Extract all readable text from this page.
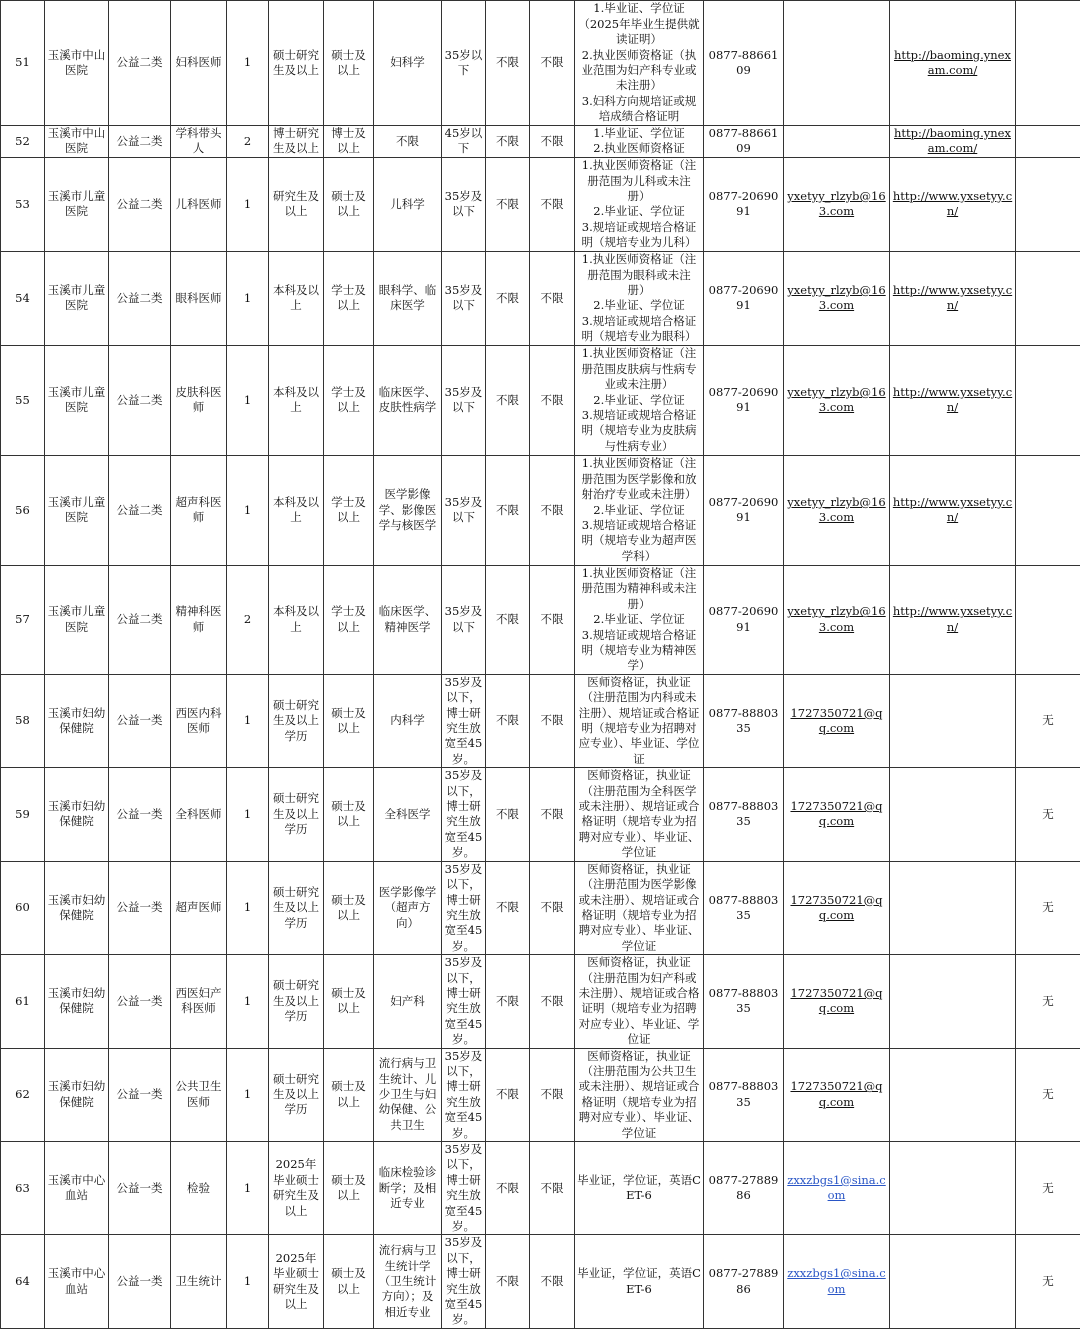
51	玉溪市中山医院	公益二类	妇科医师	1	硕士研究生及以上	硕士及以上	妇科学	35岁以下	不限	不限	1.毕业证、学位证
（2025年毕业生提供就读证明）
2.执业医师资格证（执业范围为妇产科专业或未注册）
3.妇科方向规培证或规培成绩合格证明	0877-8866109		http://baoming.ynexam.com/	
52	玉溪市中山医院	公益二类	学科带头人	2	博士研究生及以上	博士及以上	不限	45岁以下	不限	不限	1.毕业证、学位证
2.执业医师资格证	0877-8866109		http://baoming.ynexam.com/	
53	玉溪市儿童医院	公益二类	儿科医师	1	研究生及以上	硕士及以上	儿科学	35岁及以下	不限	不限	1.执业医师资格证（注册范围为儿科或未注册）
2.毕业证、学位证
3.规培证或规培合格证明（规培专业为儿科）	0877-2069091	yxetyy_rlzyb@163.com	http://www.yxsetyy.cn/	
54	玉溪市儿童医院	公益二类	眼科医师	1	本科及以上	学士及以上	眼科学、临床医学	35岁及以下	不限	不限	1.执业医师资格证（注册范围为眼科或未注册）
2.毕业证、学位证
3.规培证或规培合格证明（规培专业为眼科）	0877-2069091	yxetyy_rlzyb@163.com	http://www.yxsetyy.cn/	
55	玉溪市儿童医院	公益二类	皮肤科医师	1	本科及以上	学士及以上	临床医学、皮肤性病学	35岁及以下	不限	不限	1.执业医师资格证（注册范围皮肤病与性病专业或未注册）
2.毕业证、学位证
3.规培证或规培合格证明（规培专业为皮肤病与性病专业）	0877-2069091	yxetyy_rlzyb@163.com	http://www.yxsetyy.cn/	
56	玉溪市儿童医院	公益二类	超声科医师	1	本科及以上	学士及以上	医学影像学、影像医学与核医学	35岁及以下	不限	不限	1.执业医师资格证（注册范围为医学影像和放射治疗专业或未注册）
2.毕业证、学位证
3.规培证或规培合格证明（规培专业为超声医学科）	0877-2069091	yxetyy_rlzyb@163.com	http://www.yxsetyy.cn/	
57	玉溪市儿童医院	公益二类	精神科医师	2	本科及以上	学士及以上	临床医学、精神医学	35岁及以下	不限	不限	1.执业医师资格证（注册范围为精神科或未注册）
2.毕业证、学位证
3.规培证或规培合格证明（规培专业为精神医学）	0877-2069091	yxetyy_rlzyb@163.com	http://www.yxsetyy.cn/	
58	玉溪市妇幼保健院	公益一类	西医内科医师	1	硕士研究生及以上学历	硕士及以上	内科学	35岁及以下，博士研究生放宽至45岁。	不限	不限	医师资格证，执业证（注册范围为内科或未注册）、规培证或合格证明（规培专业为招聘对应专业）、毕业证、学位证	0877-8880335	1727350721@qq.com		无
59	玉溪市妇幼保健院	公益一类	全科医师	1	硕士研究生及以上学历	硕士及以上	全科医学	35岁及以下，博士研究生放宽至45岁。	不限	不限	医师资格证，执业证（注册范围为全科医学或未注册）、规培证或合格证明（规培专业为招聘对应专业）、毕业证、学位证	0877-8880335	1727350721@qq.com		无
60	玉溪市妇幼保健院	公益一类	超声医师	1	硕士研究生及以上学历	硕士及以上	医学影像学（超声方向）	35岁及以下，博士研究生放宽至45岁。	不限	不限	医师资格证，执业证（注册范围为医学影像或未注册）、规培证或合格证明（规培专业为招聘对应专业）、毕业证、学位证	0877-8880335	1727350721@qq.com		无
61	玉溪市妇幼保健院	公益一类	西医妇产科医师	1	硕士研究生及以上学历	硕士及以上	妇产科	35岁及以下，博士研究生放宽至45岁。	不限	不限	医师资格证，执业证（注册范围为妇产科或未注册）、规培证或合格证明（规培专业为招聘对应专业）、毕业证、学位证	0877-8880335	1727350721@qq.com		无
62	玉溪市妇幼保健院	公益一类	公共卫生医师	1	硕士研究生及以上学历	硕士及以上	流行病与卫生统计、儿少卫生与妇幼保健、公共卫生	35岁及以下，博士研究生放宽至45岁。	不限	不限	医师资格证，执业证（注册范围为公共卫生或未注册）、规培证或合格证明（规培专业为招聘对应专业）、毕业证、学位证	0877-8880335	1727350721@qq.com		无
63	玉溪市中心血站	公益一类	检验	1	2025年毕业硕士研究生及以上	硕士及以上	临床检验诊断学；及相近专业	35岁及以下，博士研究生放宽至45岁。	不限	不限	毕业证，学位证，英语CET-6	0877-2788986	zxxzbgs1@sina.com		无
64	玉溪市中心血站	公益一类	卫生统计	1	2025年毕业硕士研究生及以上	硕士及以上	流行病与卫生统计学（卫生统计方向）；及相近专业	35岁及以下，博士研究生放宽至45岁。	不限	不限	毕业证，学位证，英语CET-6	0877-2788986	zxxzbgs1@sina.com		无
